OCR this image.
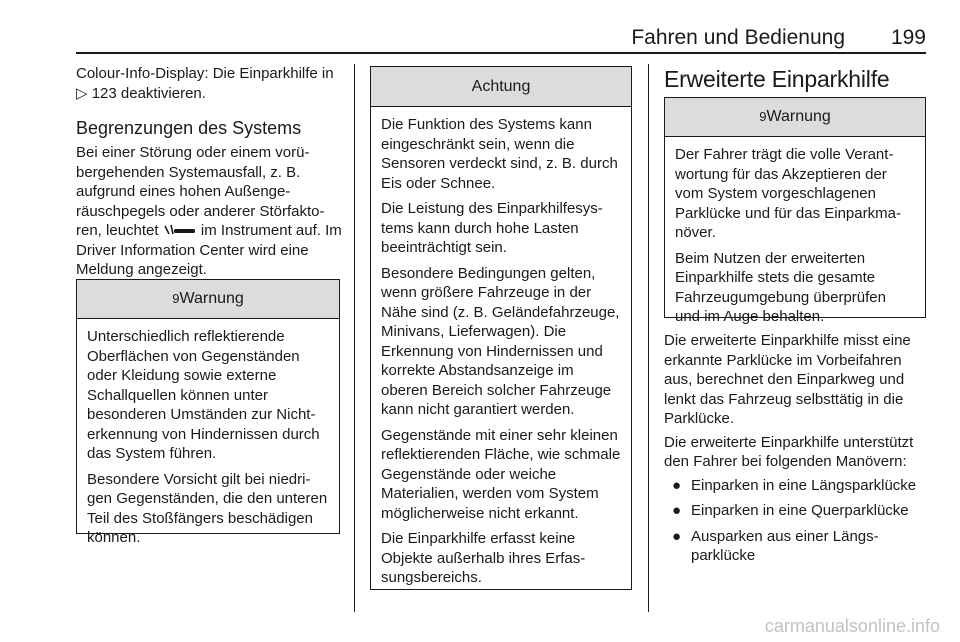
Fahren und Bedienung	199

Colour-Info-Display: Die Einparkhilfe in ▷ 123 deaktivieren.

Begrenzungen des Systems

Bei einer Störung oder einem vorübergehenden Systemausfall, z. B. aufgrund eines hohen Außengeräuschpegels oder anderer Störfaktoren, leuchtet	im Instrument auf. Im Driver Information Center wird eine Meldung angezeigt.

9Warnung

Unterschiedlich reflektierende Oberflächen von Gegenständen oder Kleidung sowie externe Schallquellen können unter besonderen Umständen zur Nichterkennung von Hindernissen durch das System führen.

Besondere Vorsicht gilt bei niedrigen Gegenständen, die den unteren Teil des Stoßfängers beschädigen können.

Achtung

Die Funktion des Systems kann eingeschränkt sein, wenn die Sensoren verdeckt sind, z. B. durch Eis oder Schnee.

Die Leistung des Einparkhilfesystems kann durch hohe Lasten beeinträchtigt sein.

Besondere Bedingungen gelten, wenn größere Fahrzeuge in der Nähe sind (z. B. Geländefahrzeuge, Minivans, Lieferwagen). Die Erkennung von Hindernissen und korrekte Abstandsanzeige im oberen Bereich solcher Fahrzeuge kann nicht garantiert werden.

Gegenstände mit einer sehr kleinen reflektierenden Fläche, wie schmale Gegenstände oder weiche Materialien, werden vom System möglicherweise nicht erkannt.

Die Einparkhilfe erfasst keine Objekte außerhalb ihres Erfassungsbereichs.

Erweiterte Einparkhilfe
9Warnung

Der Fahrer trägt die volle Verantwortung für das Akzeptieren der vom System vorgeschlagenen Parklücke und für das Einparkmanöver.

Beim Nutzen der erweiterten Einparkhilfe stets die gesamte Fahrzeugumgebung überprüfen und im Auge behalten.

Die erweiterte Einparkhilfe misst eine erkannte Parklücke im Vorbeifahren aus, berechnet den Einparkweg und lenkt das Fahrzeug selbsttätig in die Parklücke.

Die erweiterte Einparkhilfe unterstützt den Fahrer bei folgenden Manövern:

● Einparken in eine Längsparklücke
● Einparken in eine Querparklücke
● Ausparken aus einer Längsparklücke
carmanualsonline.info
